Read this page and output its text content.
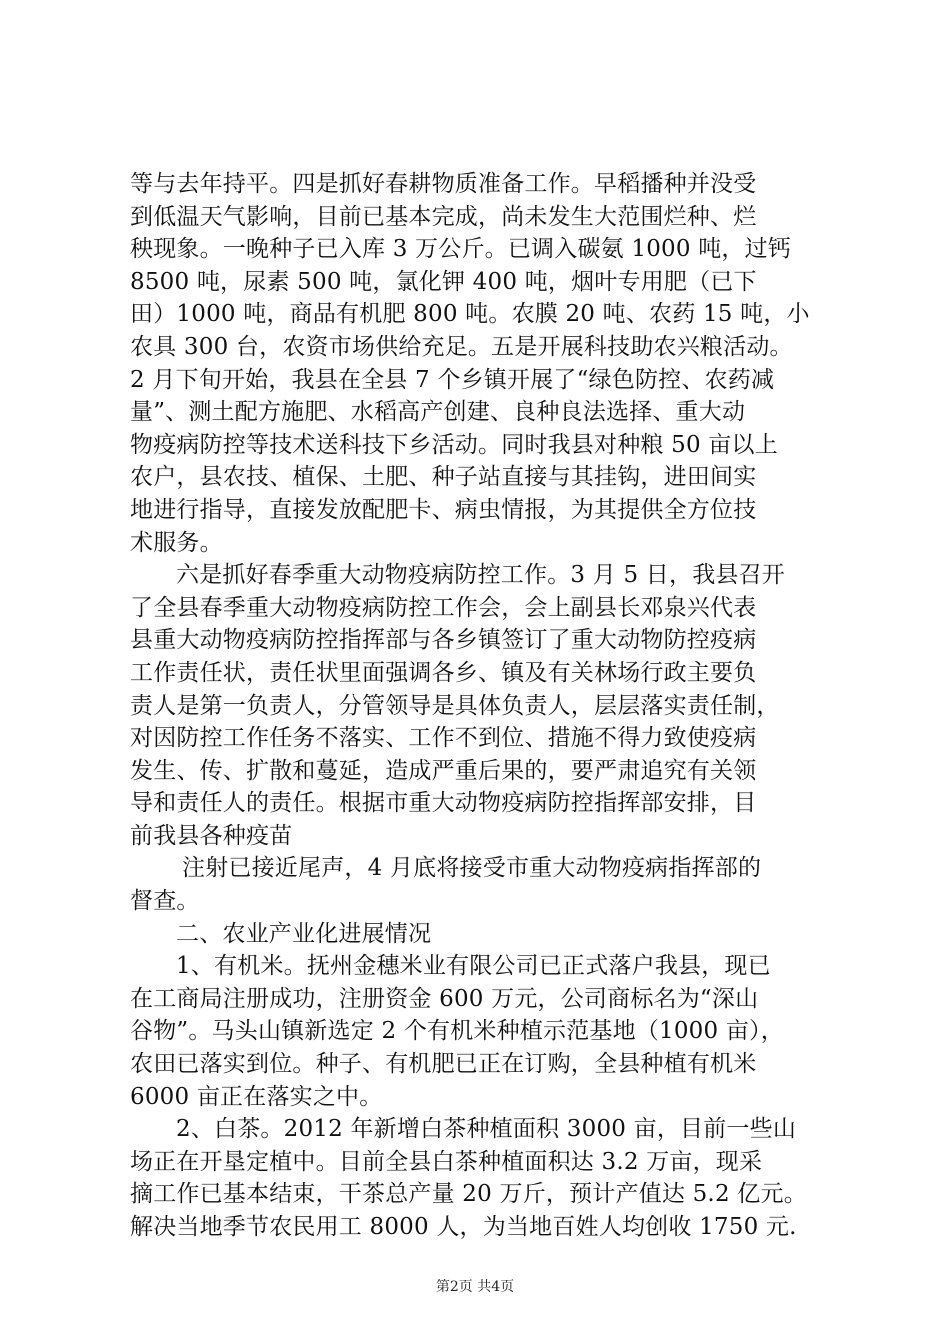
等与去年持平。四是抓好春耕物质准备工作。早稻播种并没受
到低温天气影响，目前已基本完成，尚未发生大范围烂种、烂
秧现象。一晚种子已入库 3 万公斤。已调入碳氨 1000 吨，过钙
8500 吨，尿素 500 吨，氯化钾 400 吨，烟叶专用肥（已下
田）1000 吨，商品有机肥 800 吨。农膜 20 吨、农药 15 吨，小
农具 300 台，农资市场供给充足。五是开展科技助农兴粮活动。
2 月下旬开始，我县在全县 7 个乡镇开展了“绿色防控、农药减
量”、测土配方施肥、水稻高产创建、良种良法选择、重大动
物疫病防控等技术送科技下乡活动。同时我县对种粮 50 亩以上
农户，县农技、植保、土肥、种子站直接与其挂钩，进田间实
地进行指导，直接发放配肥卡、病虫情报，为其提供全方位技
术服务。
六是抓好春季重大动物疫病防控工作。3 月 5 日，我县召开
了全县春季重大动物疫病防控工作会，会上副县长邓泉兴代表
县重大动物疫病防控指挥部与各乡镇签订了重大动物防控疫病
工作责任状，责任状里面强调各乡、镇及有关林场行政主要负
责人是第一负责人，分管领导是具体负责人，层层落实责任制，
对因防控工作任务不落实、工作不到位、措施不得力致使疫病
发生、传、扩散和蔓延，造成严重后果的，要严肃追究有关领
导和责任人的责任。根据市重大动物疫病防控指挥部安排，目
前我县各种疫苗
注射已接近尾声，4 月底将接受市重大动物疫病指挥部的
督查。
二、农业产业化进展情况
1、有机米。抚州金穗米业有限公司已正式落户我县，现已
在工商局注册成功，注册资金 600 万元，公司商标名为“深山
谷物”。马头山镇新选定 2 个有机米种植示范基地（1000 亩），
农田已落实到位。种子、有机肥已正在订购，全县种植有机米
6000 亩正在落实之中。
2、白茶。2012 年新增白茶种植面积 3000 亩，目前一些山
场正在开垦定植中。目前全县白茶种植面积达 3.2 万亩，现采
摘工作已基本结束，干茶总产量 20 万斤，预计产值达 5.2 亿元。
解决当地季节农民用工 8000 人，为当地百姓人均创收 1750 元.
第2页 共4页
